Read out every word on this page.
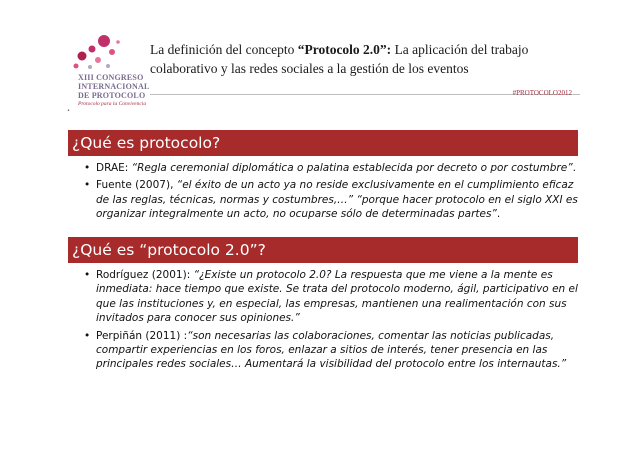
XIII CONGRESO
INTERNACIONAL
DE PROTOCOLO
Protocolo para la Convivencia
La definición del concepto “Protocolo 2.0”: La aplicación del trabajo colaborativo y las redes sociales a la gestión de los eventos
#PROTOCOLO2012
•
¿Qué es protocolo?
• DRAE: “Regla ceremonial diplomática o palatina establecida por decreto o por costumbre”.
• Fuente (2007), “el éxito de un acto ya no reside exclusivamente en el cumplimiento eficaz de las reglas, técnicas, normas y costumbres,…” “porque hacer protocolo en el siglo XXI es organizar integralmente un acto, no ocuparse sólo de determinadas partes”.
¿Qué es “protocolo 2.0”?
• Rodríguez (2001): “¿Existe un protocolo 2.0? La respuesta que me viene a la mente es inmediata: hace tiempo que existe. Se trata del protocolo moderno, ágil, participativo en el que las instituciones y, en especial, las empresas, mantienen una realimentación con sus invitados para conocer sus opiniones.”
• Perpiñán (2011) :“son necesarias las colaboraciones, comentar las noticias publicadas, compartir experiencias en los foros, enlazar a sitios de interés, tener presencia en las principales redes sociales… Aumentará la visibilidad del protocolo entre los internautas.”
